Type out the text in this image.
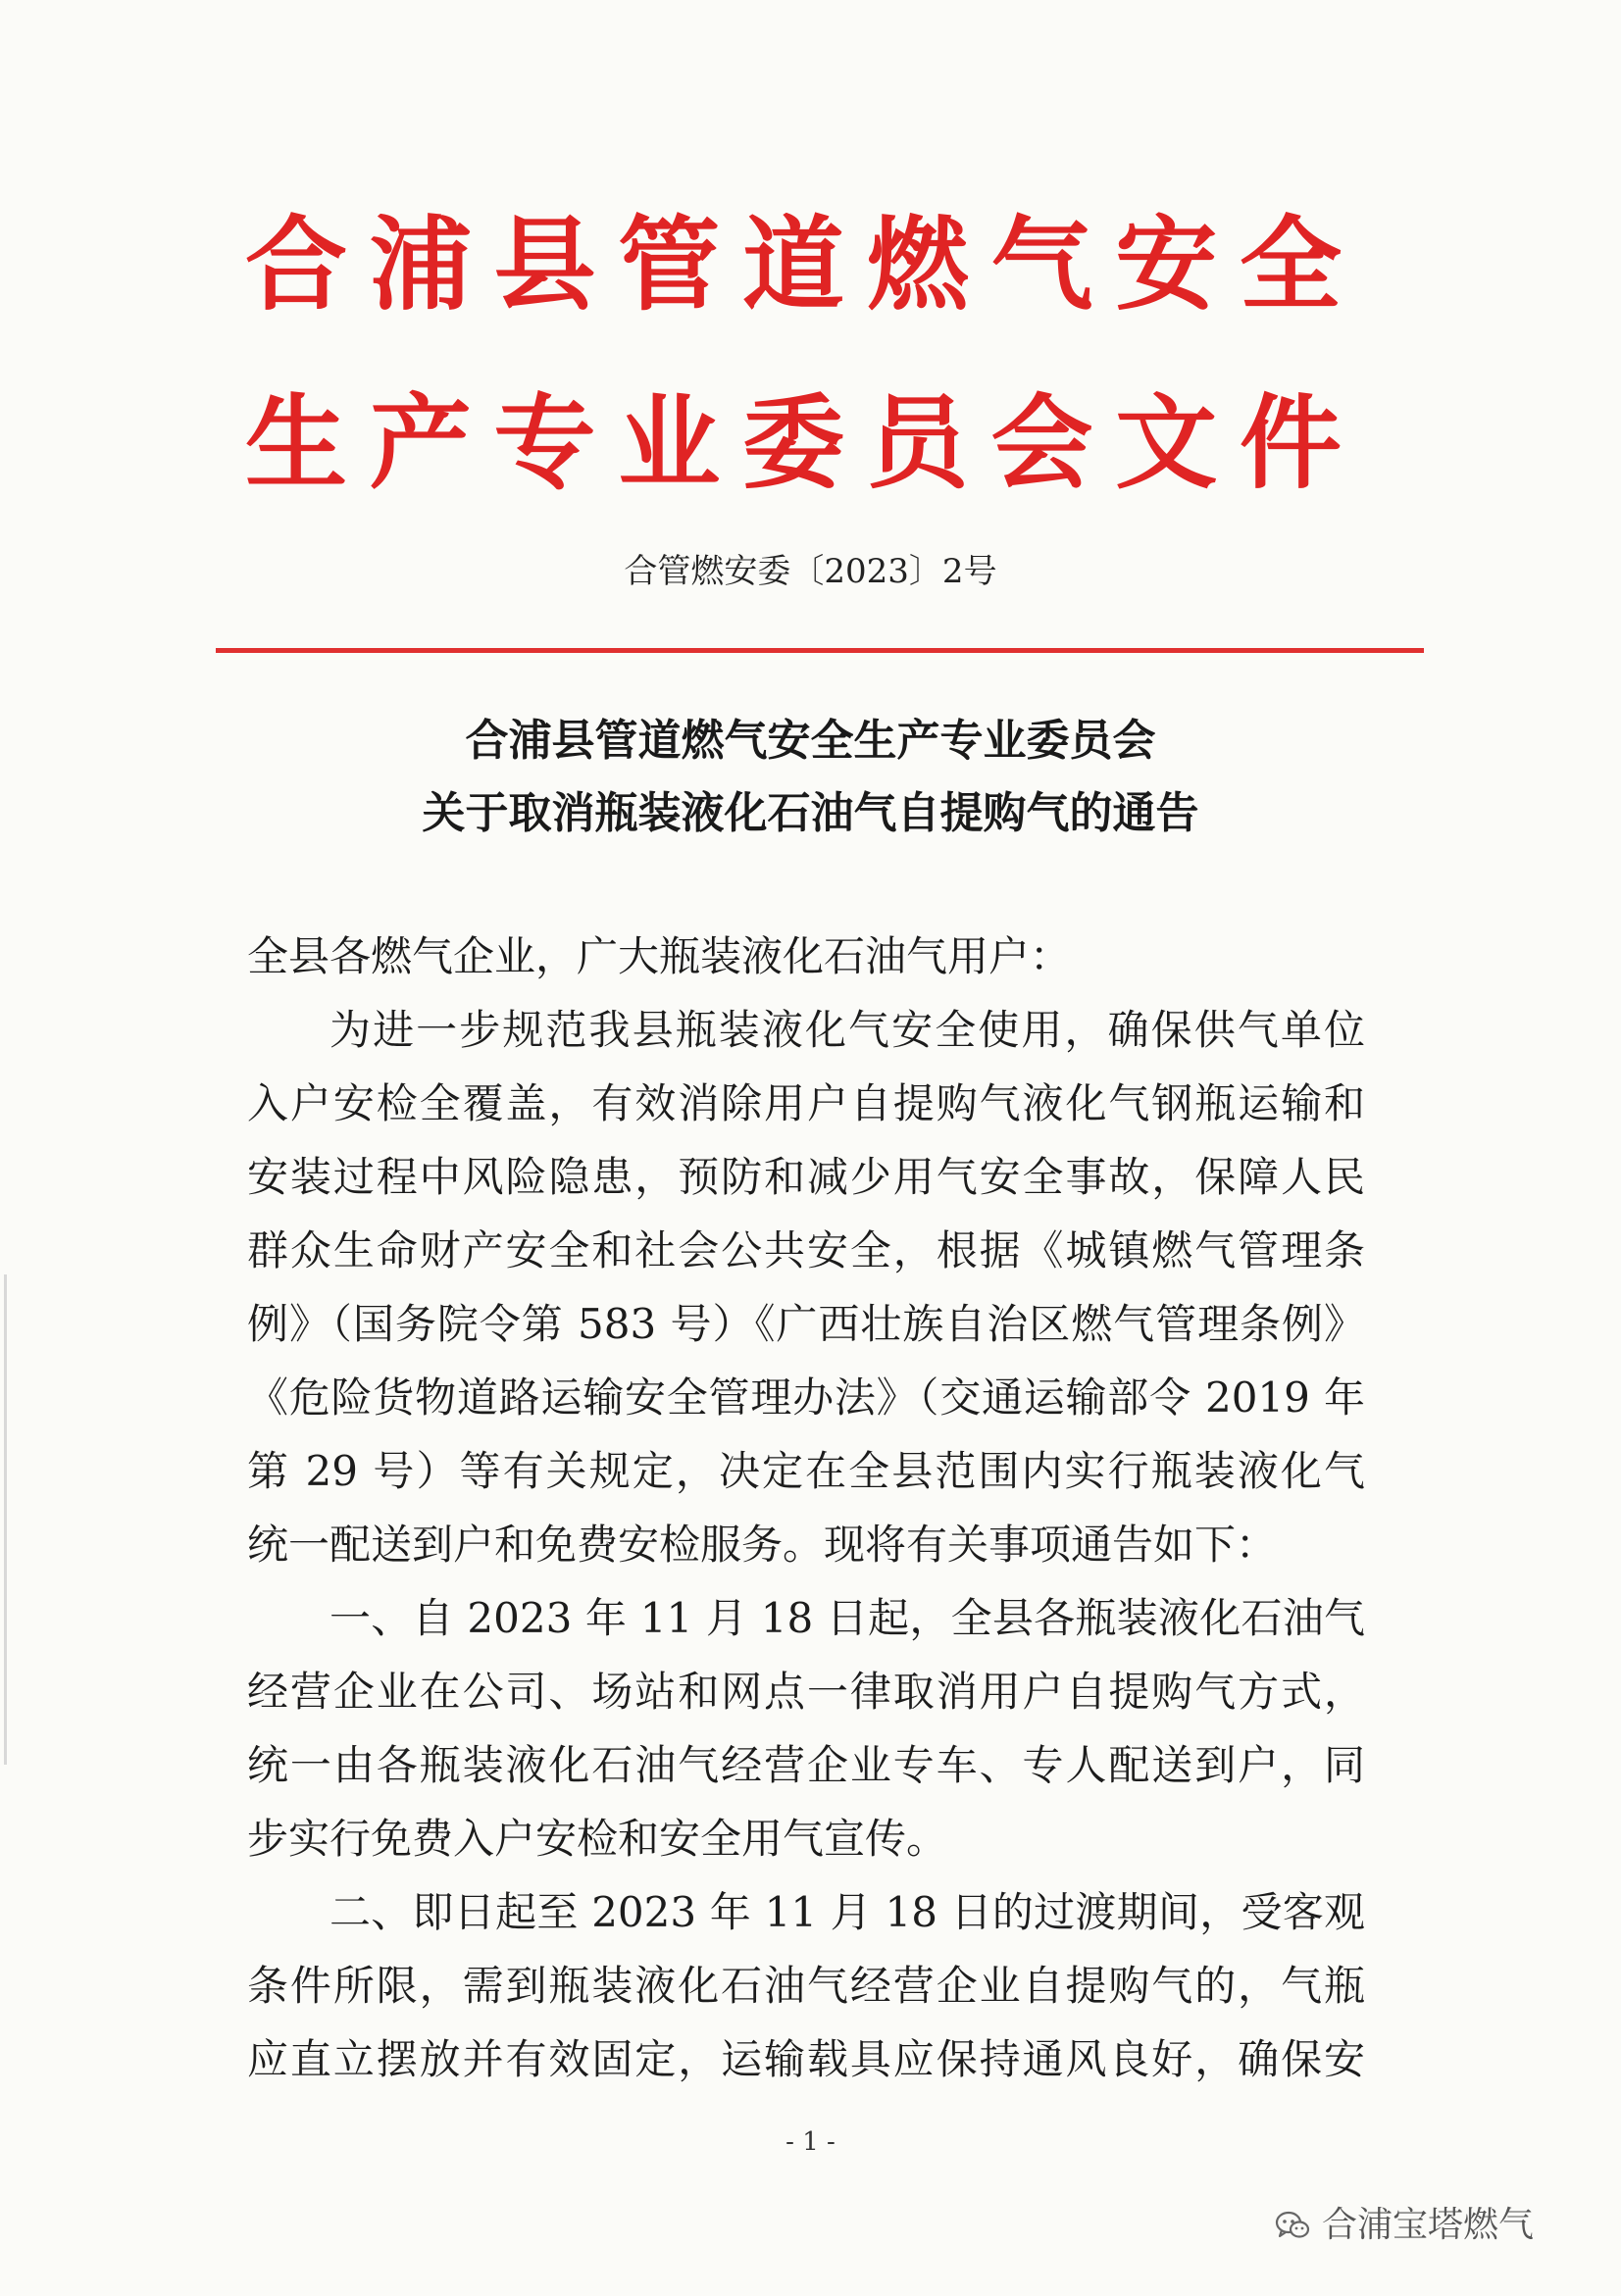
合浦县管道燃气安全
生产专业委员会文件
合管燃安委〔2023〕2号
合浦县管道燃气安全生产专业委员会
关于取消瓶装液化石油气自提购气的通告
全县各燃气企业，广大瓶装液化石油气用户：
为进一步规范我县瓶装液化气安全使用，确保供气单位
入户安检全覆盖，有效消除用户自提购气液化气钢瓶运输和
安装过程中风险隐患，预防和减少用气安全事故，保障人民
群众生命财产安全和社会公共安全，根据《城镇燃气管理条
例》（国务院令第 583 号）《广西壮族自治区燃气管理条例》
《危险货物道路运输安全管理办法》（交通运输部令 2019 年
第 29 号）等有关规定，决定在全县范围内实行瓶装液化气
统一配送到户和免费安检服务。现将有关事项通告如下：
一、自 2023 年 11 月 18 日起，全县各瓶装液化石油气
经营企业在公司、场站和网点一律取消用户自提购气方式，
统一由各瓶装液化石油气经营企业专车、专人配送到户，同
步实行免费入户安检和安全用气宣传。
二、即日起至 2023 年 11 月 18 日的过渡期间，受客观
条件所限，需到瓶装液化石油气经营企业自提购气的，气瓶
应直立摆放并有效固定，运输载具应保持通风良好，确保安
- 1 -
合浦宝塔燃气
